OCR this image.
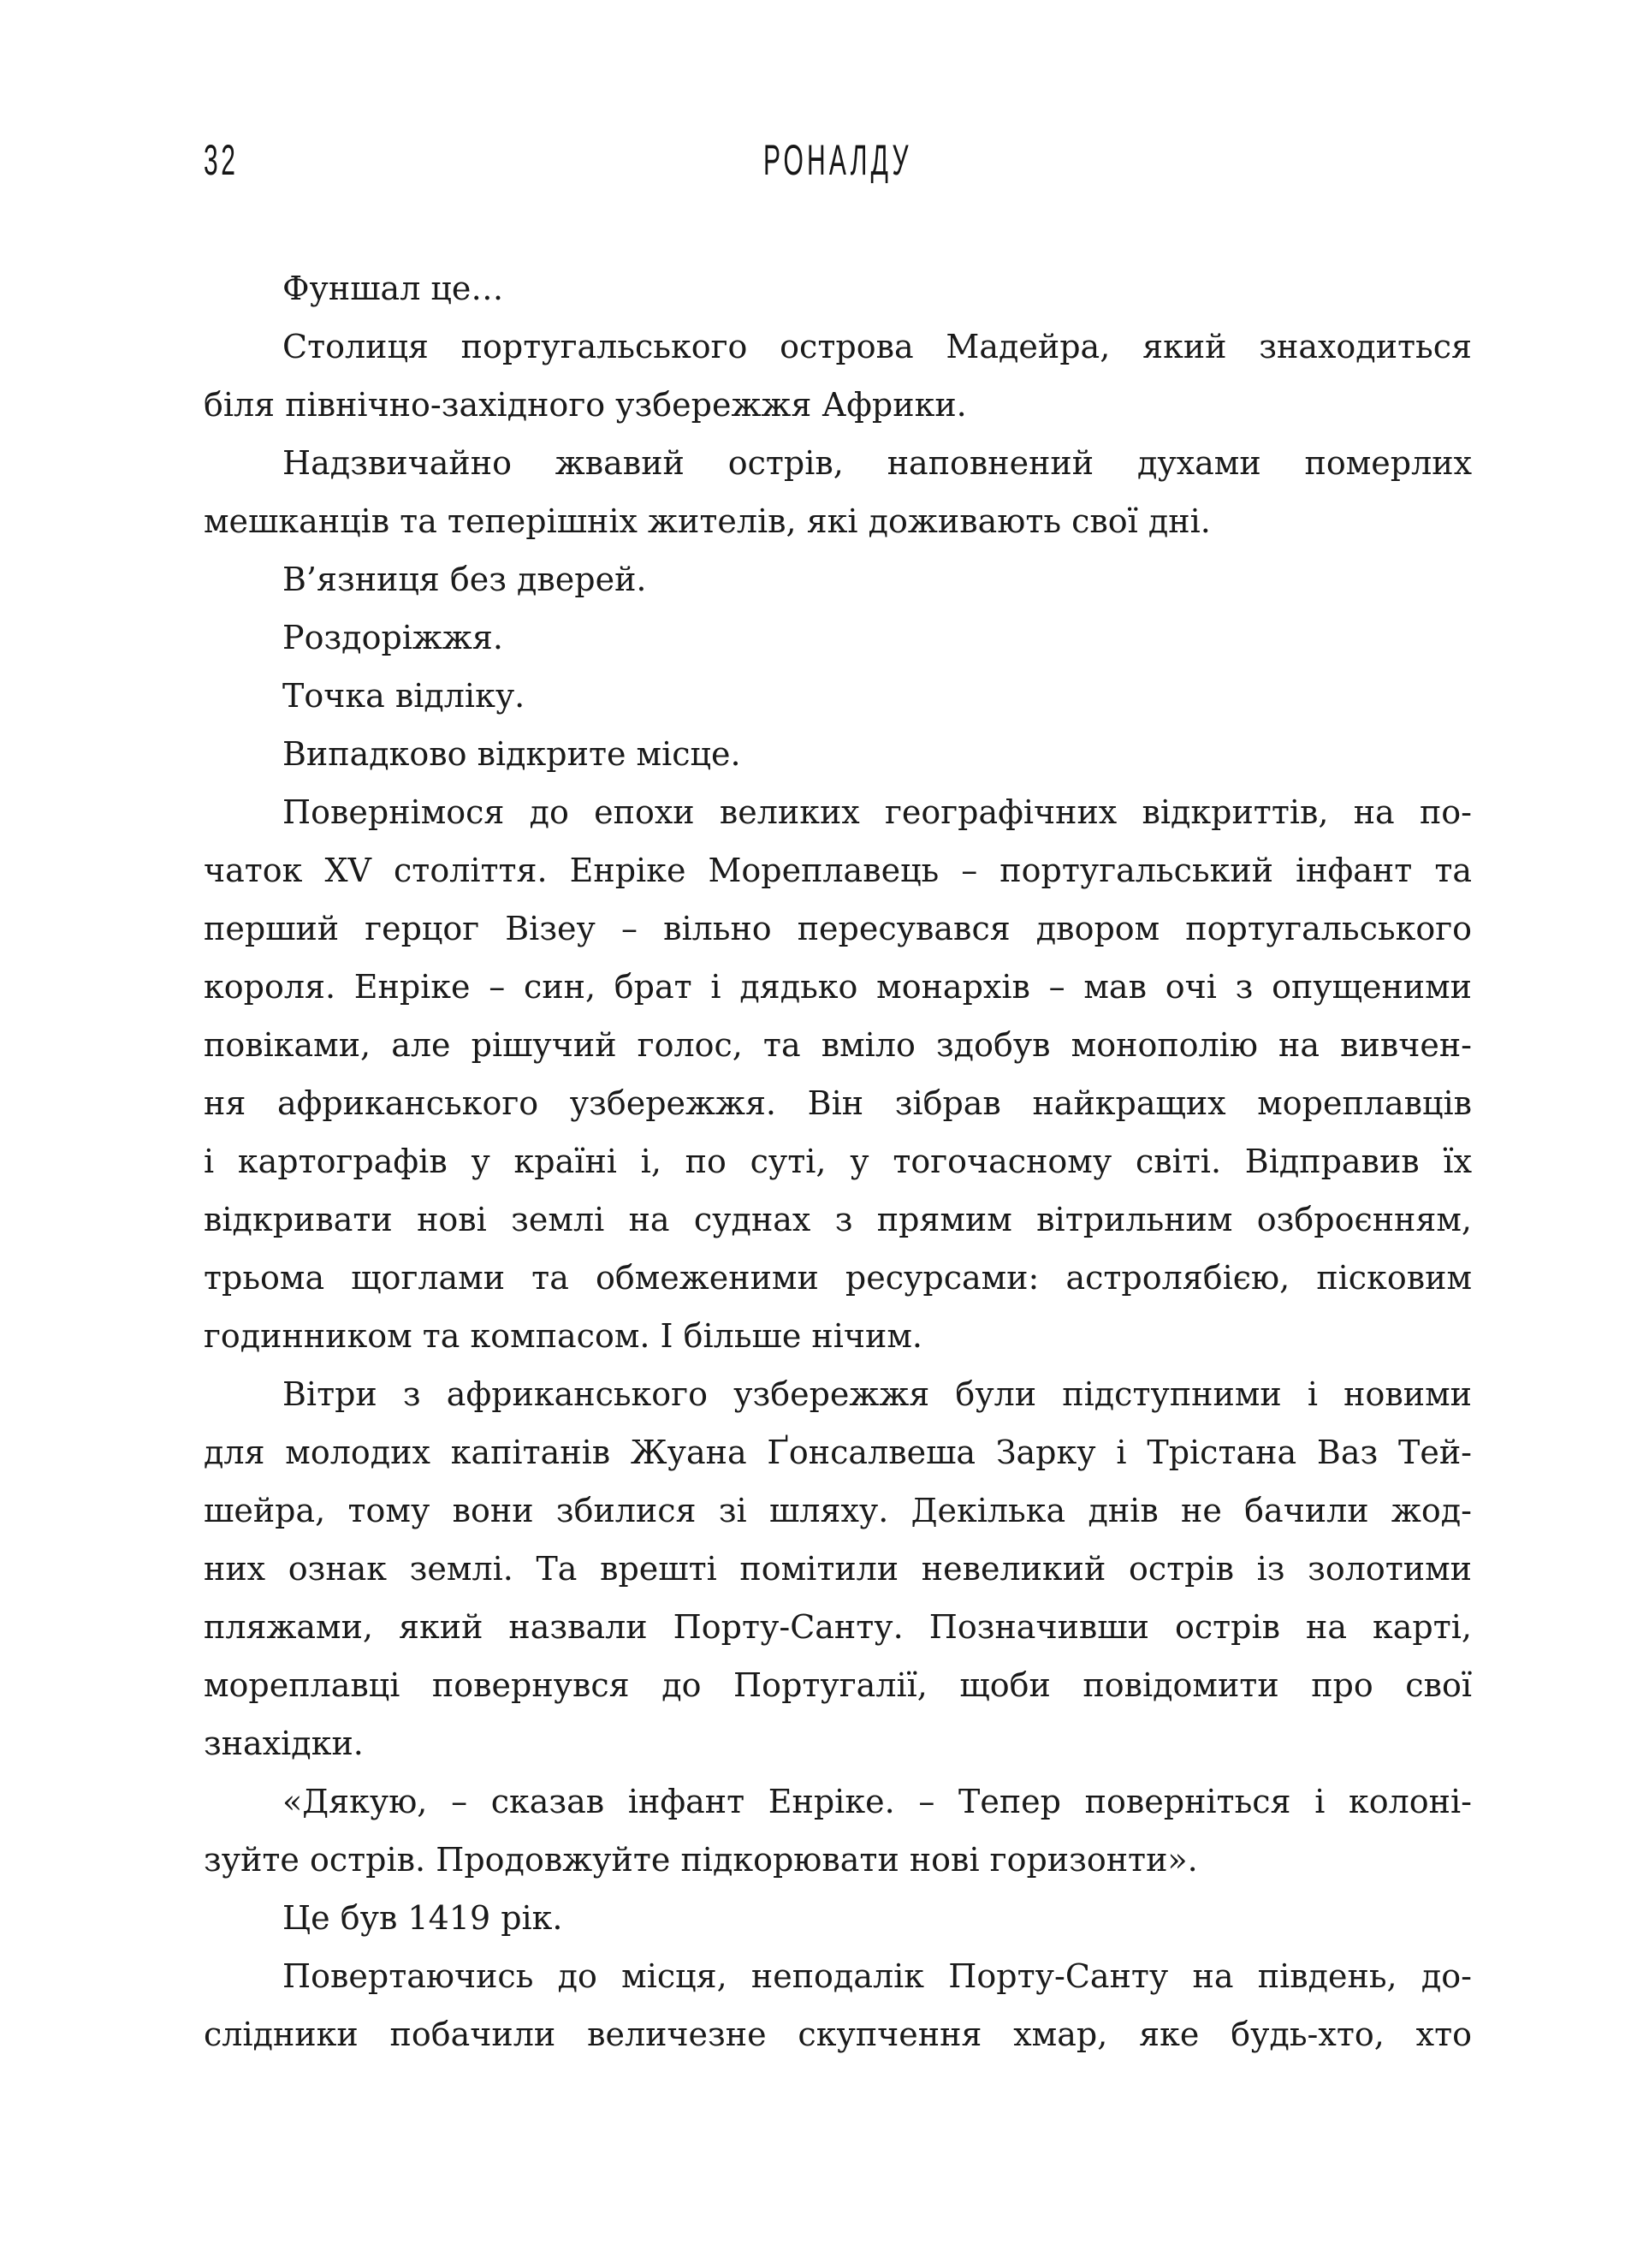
32	РОНАЛДУ
Фуншал це…
Столиця португальського острова Мадейра, який знаходиться
біля північно-західного узбережжя Африки.
Надзвичайно жвавий острів, наповнений духами померлих
мешканців та теперішніх жителів, які доживають свої дні.
В’язниця без дверей.
Роздоріжжя.
Точка відліку.
Випадково відкрите місце.
Повернімося до епохи великих географічних відкриттів, на по-
чаток XV століття. Енріке Мореплавець – португальський інфант та
перший герцог Візеу – вільно пересувався двором португальського
короля. Енріке – син, брат і дядько монархів – мав очі з опущеними
повіками, але рішучий голос, та вміло здобув монополію на вивчен-
ня африканського узбережжя. Він зібрав найкращих мореплавців
і картографів у країні і, по суті, у тогочасному світі. Відправив їх
відкривати нові землі на суднах з прямим вітрильним озброєнням,
трьома щоглами та обмеженими ресурсами: астролябією, пісковим
годинником та компасом. І більше нічим.
Вітри з африканського узбережжя були підступними і новими
для молодих капітанів Жуана Ґонсалвеша Зарку і Трістана Ваз Тей-
шейра, тому вони збилися зі шляху. Декілька днів не бачили жод-
них ознак землі. Та врешті помітили невеликий острів із золотими
пляжами, який назвали Порту-Санту. Позначивши острів на карті,
мореплавці повернувся до Португалії, щоби повідомити про свої
знахідки.
«Дякую, – сказав інфант Енріке. – Тепер поверніться і колоні-
зуйте острів. Продовжуйте підкорювати нові горизонти».
Це був 1419 рік.
Повертаючись до місця, неподалік Порту-Санту на південь, до-
слідники побачили величезне скупчення хмар, яке будь-хто, хто
